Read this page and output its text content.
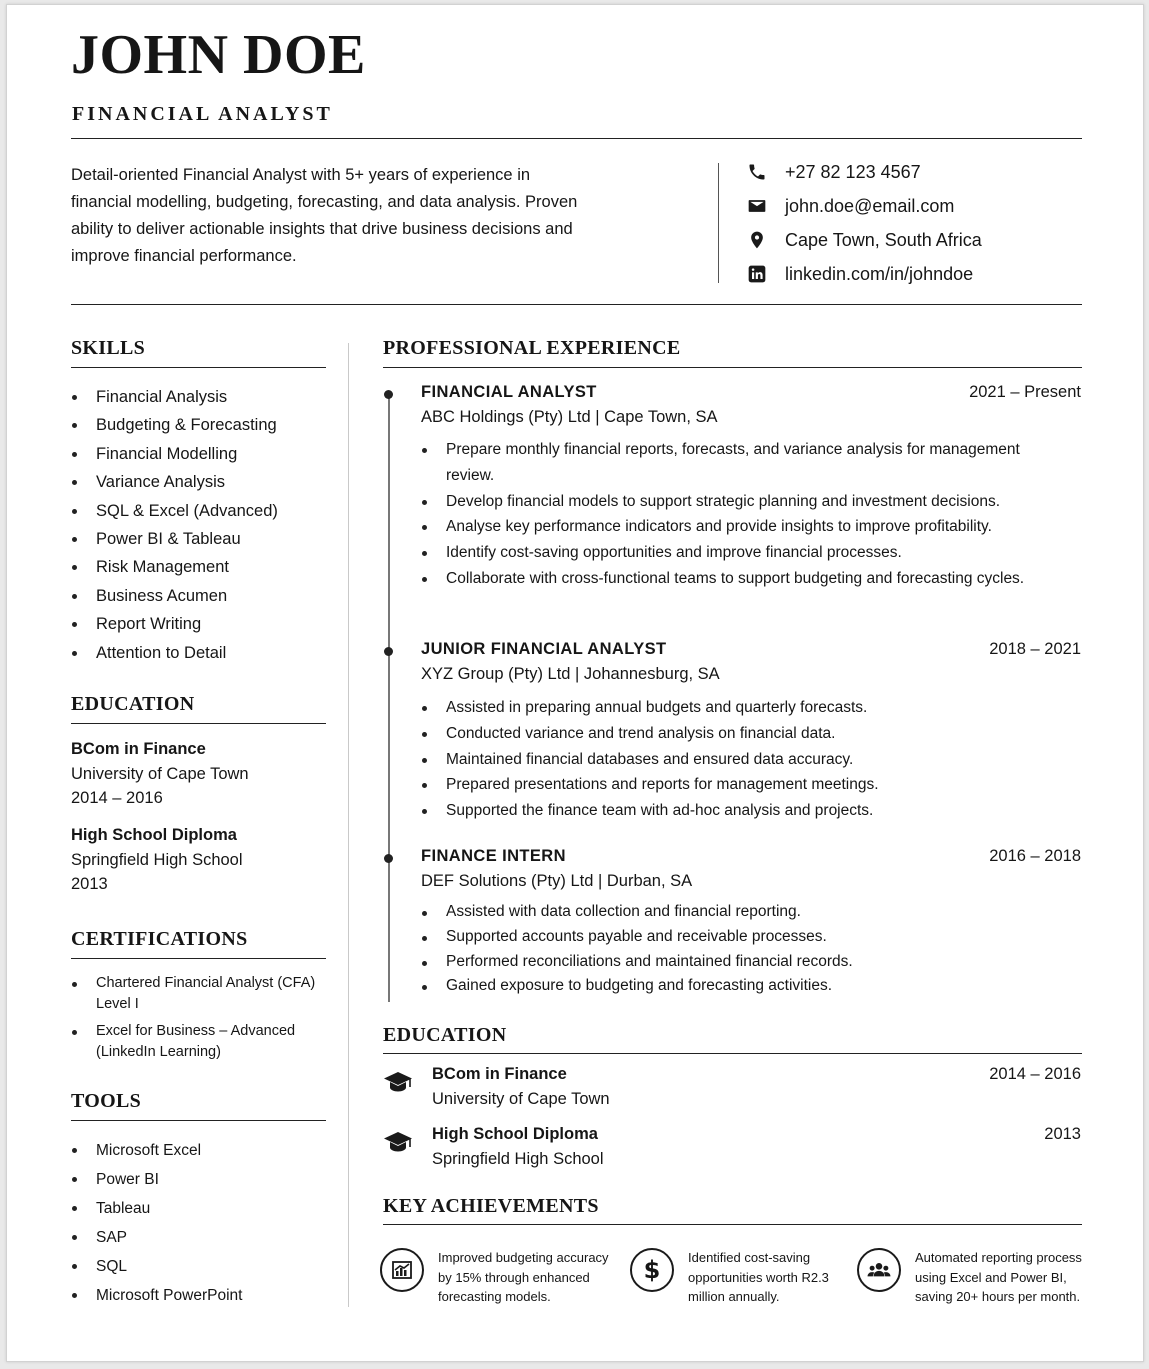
JOHN DOE
FINANCIAL ANALYST
Detail-oriented Financial Analyst with 5+ years of experience in financial modelling, budgeting, forecasting, and data analysis. Proven ability to deliver actionable insights that drive business decisions and improve financial performance.
+27 82 123 4567
john.doe@email.com
Cape Town, South Africa
linkedin.com/in/johndoe
SKILLS
Financial Analysis
Budgeting & Forecasting
Financial Modelling
Variance Analysis
SQL & Excel (Advanced)
Power BI & Tableau
Risk Management
Business Acumen
Report Writing
Attention to Detail
EDUCATION
BCom in Finance
University of Cape Town
2014 – 2016
High School Diploma
Springfield High School
2013
CERTIFICATIONS
Chartered Financial Analyst (CFA) Level I
Excel for Business – Advanced (LinkedIn Learning)
TOOLS
Microsoft Excel
Power BI
Tableau
SAP
SQL
Microsoft PowerPoint
PROFESSIONAL EXPERIENCE
FINANCIAL ANALYST	2021 – Present
ABC Holdings (Pty) Ltd | Cape Town, SA
Prepare monthly financial reports, forecasts, and variance analysis for management review.
Develop financial models to support strategic planning and investment decisions.
Analyse key performance indicators and provide insights to improve profitability.
Identify cost-saving opportunities and improve financial processes.
Collaborate with cross-functional teams to support budgeting and forecasting cycles.
JUNIOR FINANCIAL ANALYST	2018 – 2021
XYZ Group (Pty) Ltd | Johannesburg, SA
Assisted in preparing annual budgets and quarterly forecasts.
Conducted variance and trend analysis on financial data.
Maintained financial databases and ensured data accuracy.
Prepared presentations and reports for management meetings.
Supported the finance team with ad-hoc analysis and projects.
FINANCE INTERN	2016 – 2018
DEF Solutions (Pty) Ltd | Durban, SA
Assisted with data collection and financial reporting.
Supported accounts payable and receivable processes.
Performed reconciliations and maintained financial records.
Gained exposure to budgeting and forecasting activities.
EDUCATION
BCom in Finance	2014 – 2016
University of Cape Town
High School Diploma	2013
Springfield High School
KEY ACHIEVEMENTS
Improved budgeting accuracy by 15% through enhanced forecasting models.
$ Identified cost-saving opportunities worth R2.3 million annually.
Automated reporting process using Excel and Power BI, saving 20+ hours per month.
